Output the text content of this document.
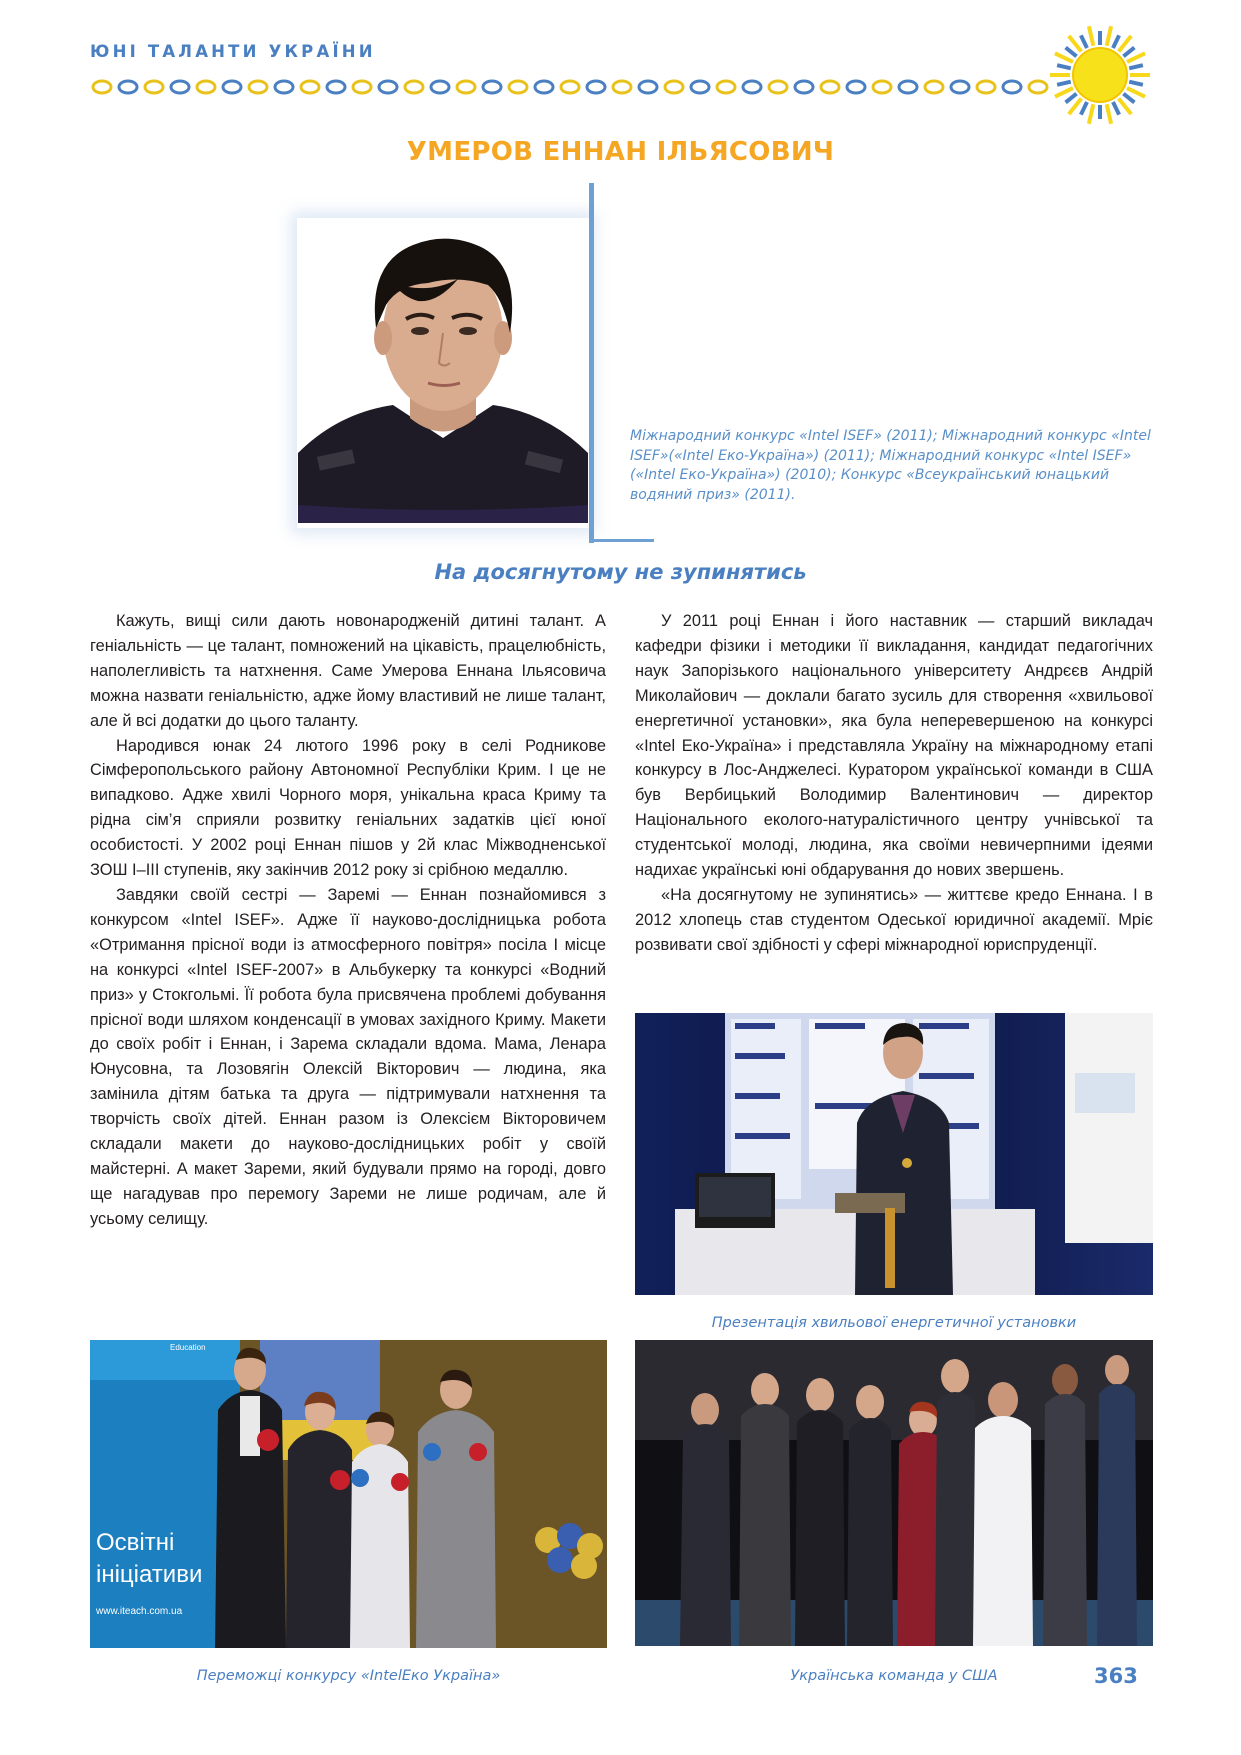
ЮНІ ТАЛАНТИ УКРАЇНИ
УМЕРОВ ЕННАН ІЛЬЯСОВИЧ
Міжнародний конкурс «Intel ISEF» (2011); Міжнародний конкурс «Intel ISEF»(«Intel Еко-Україна») (2011); Міжнародний конкурс «Intel ISEF» («Intel Еко-Україна») (2010); Конкурс «Всеукраїнський юнацький водяний приз» (2011).
На досягнутому не зупинятись

Кажуть, вищі сили дають новонародженій дитині талант. А геніальність — це талант, помножений на цікавість, працелюбність, наполегливість та натхнення. Саме Умерова Еннана Ільясовича можна назвати геніальністю, адже йому властивий не лише талант, але й всі додатки до цього таланту.

Народився юнак 24 лютого 1996 року в селі Родникове Сімферопольського району Автономної Республіки Крим. І це не випадково. Адже хвилі Чорного моря, унікальна краса Криму та рідна сім’я сприяли розвитку геніальних задатків цієї юної особистості. У 2002 році Еннан пішов у 2й клас Міжводненської ЗОШ І–ІІІ ступенів, яку закінчив 2012 року зі срібною медаллю.

Завдяки своїй сестрі — Заремі — Еннан познайомився з конкурсом «Intel ISEF». Адже її науково-дослідницька робота «Отримання прісної води із атмосферного повітря» посіла І місце на конкурсі «Intel ISEF-2007» в Альбукерку та конкурсі «Водний приз» у Стокгольмі. Її робота була присвячена проблемі добування прісної води шляхом конденсації в умовах західного Криму. Макети до своїх робіт і Еннан, і Зарема складали вдома. Мама, Ленара Юнусовна, та Лозовягін Олексій Вікторович — людина, яка замінила дітям батька та друга — підтримували натхнення та творчість своїх дітей. Еннан разом із Олексієм Вікторовичем складали макети до науково-дослідницьких робіт у своїй майстерні. А макет Зареми, який будували прямо на городі, довго ще нагадував про перемогу Зареми не лише родичам, але й усьому селищу.

У 2011 році Еннан і його наставник — старший викладач кафедри фізики і методики її викладання, кандидат педагогічних наук Запорізького національного університету Андрєєв Андрій Миколайович — доклали багато зусиль для створення «хвильової енергетичної установки», яка була неперевершеною на конкурсі «Intel Еко-Україна» і представляла Україну на міжнародному етапі конкурсу в Лос-Анджелесі. Куратором української команди в США був Вербицький Володимир Валентинович — директор Національного еколого-натуралістичного центру учнівської та студентської молоді, людина, яка своїми невичерпними ідеями надихає українські юні обдарування до нових звершень.

«На досягнутому не зупинятись» — життєве кредо Еннана. І в 2012 хлопець став студентом Одеської юридичної академії. Мріє розвивати свої здібності у сфері міжнародної юриспруденції.

Презентація хвильової енергетичної установки
Education
Освітні ініціативи
www.iteach.com.ua
Переможці конкурсу «IntelЕко Україна»	Українська команда у США	363
